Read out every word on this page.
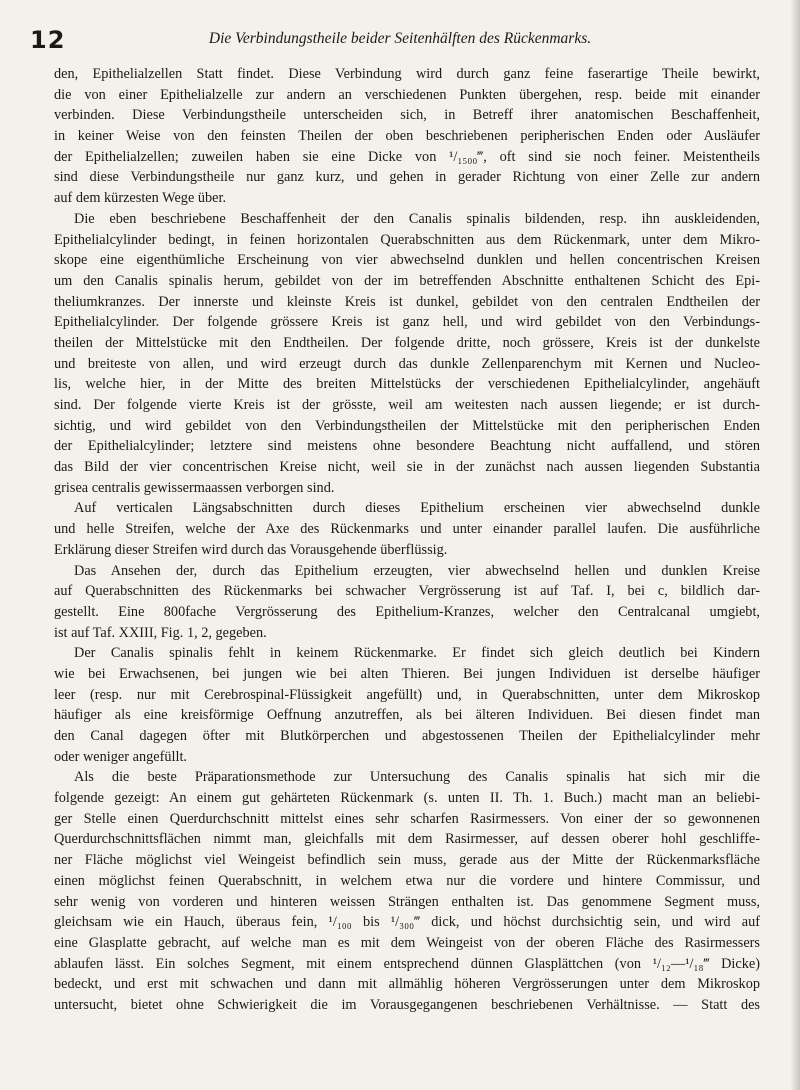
12	Die Verbindungstheile beider Seitenhälften des Rückenmarks.
den, Epithelialzellen Statt findet. Diese Verbindung wird durch ganz feine faserartige Theile bewirkt,
die von einer Epithelialzelle zur andern an verschiedenen Punkten übergehen, resp. beide mit einander
verbinden. Diese Verbindungstheile unterscheiden sich, in Betreff ihrer anatomischen Beschaffenheit,
in keiner Weise von den feinsten Theilen der oben beschriebenen peripherischen Enden oder Ausläufer
der Epithelialzellen; zuweilen haben sie eine Dicke von ¹/₁₅₀₀‴, oft sind sie noch feiner. Meistentheils
sind diese Verbindungstheile nur ganz kurz, und gehen in gerader Richtung von einer Zelle zur andern
auf dem kürzesten Wege über.
Die eben beschriebene Beschaffenheit der den Canalis spinalis bildenden, resp. ihn auskleidenden,
Epithelialcylinder bedingt, in feinen horizontalen Querabschnitten aus dem Rückenmark, unter dem Mikro-
skope eine eigenthümliche Erscheinung von vier abwechselnd dunklen und hellen concentrischen Kreisen
um den Canalis spinalis herum, gebildet von der im betreffenden Abschnitte enthaltenen Schicht des Epi-
theliumkranzes. Der innerste und kleinste Kreis ist dunkel, gebildet von den centralen Endtheilen der
Epithelialcylinder. Der folgende grössere Kreis ist ganz hell, und wird gebildet von den Verbindungs-
theilen der Mittelstücke mit den Endtheilen. Der folgende dritte, noch grössere, Kreis ist der dunkelste
und breiteste von allen, und wird erzeugt durch das dunkle Zellenparenchym mit Kernen und Nucleo-
lis, welche hier, in der Mitte des breiten Mittelstücks der verschiedenen Epithelialcylinder, angehäuft
sind. Der folgende vierte Kreis ist der grösste, weil am weitesten nach aussen liegende; er ist durch-
sichtig, und wird gebildet von den Verbindungstheilen der Mittelstücke mit den peripherischen Enden
der Epithelialcylinder; letztere sind meistens ohne besondere Beachtung nicht auffallend, und stören
das Bild der vier concentrischen Kreise nicht, weil sie in der zunächst nach aussen liegenden Substantia
grisea centralis gewissermaassen verborgen sind.
Auf verticalen Längsabschnitten durch dieses Epithelium erscheinen vier abwechselnd dunkle
und helle Streifen, welche der Axe des Rückenmarks und unter einander parallel laufen. Die ausführliche
Erklärung dieser Streifen wird durch das Vorausgehende überflüssig.
Das Ansehen der, durch das Epithelium erzeugten, vier abwechselnd hellen und dunklen Kreise
auf Querabschnitten des Rückenmarks bei schwacher Vergrösserung ist auf Taf. I, bei c, bildlich dar-
gestellt. Eine 800fache Vergrösserung des Epithelium-Kranzes, welcher den Centralcanal umgiebt,
ist auf Taf. XXIII, Fig. 1, 2, gegeben.
Der Canalis spinalis fehlt in keinem Rückenmarke. Er findet sich gleich deutlich bei Kindern
wie bei Erwachsenen, bei jungen wie bei alten Thieren. Bei jungen Individuen ist derselbe häufiger
leer (resp. nur mit Cerebrospinal-Flüssigkeit angefüllt) und, in Querabschnitten, unter dem Mikroskop
häufiger als eine kreisförmige Oeffnung anzutreffen, als bei älteren Individuen. Bei diesen findet man
den Canal dagegen öfter mit Blutkörperchen und abgestossenen Theilen der Epithelialcylinder mehr
oder weniger angefüllt.
Als die beste Präparationsmethode zur Untersuchung des Canalis spinalis hat sich mir die
folgende gezeigt: An einem gut gehärteten Rückenmark (s. unten II. Th. 1. Buch.) macht man an beliebi-
ger Stelle einen Querdurchschnitt mittelst eines sehr scharfen Rasirmessers. Von einer der so gewonnenen
Querdurchschnittsflächen nimmt man, gleichfalls mit dem Rasirmesser, auf dessen oberer hohl geschliffe-
ner Fläche möglichst viel Weingeist befindlich sein muss, gerade aus der Mitte der Rückenmarksfläche
einen möglichst feinen Querabschnitt, in welchem etwa nur die vordere und hintere Commissur, und
sehr wenig von vorderen und hinteren weissen Strängen enthalten ist. Das genommene Segment muss,
gleichsam wie ein Hauch, überaus fein, ¹/₁₀₀ bis ¹/₃₀₀‴ dick, und höchst durchsichtig sein, und wird auf
eine Glasplatte gebracht, auf welche man es mit dem Weingeist von der oberen Fläche des Rasirmessers
ablaufen lässt. Ein solches Segment, mit einem entsprechend dünnen Glasplättchen (von ¹/₁₂—¹/₁₈‴ Dicke)
bedeckt, und erst mit schwachen und dann mit allmählig höheren Vergrösserungen unter dem Mikroskop
untersucht, bietet ohne Schwierigkeit die im Vorausgegangenen beschriebenen Verhältnisse. — Statt des
